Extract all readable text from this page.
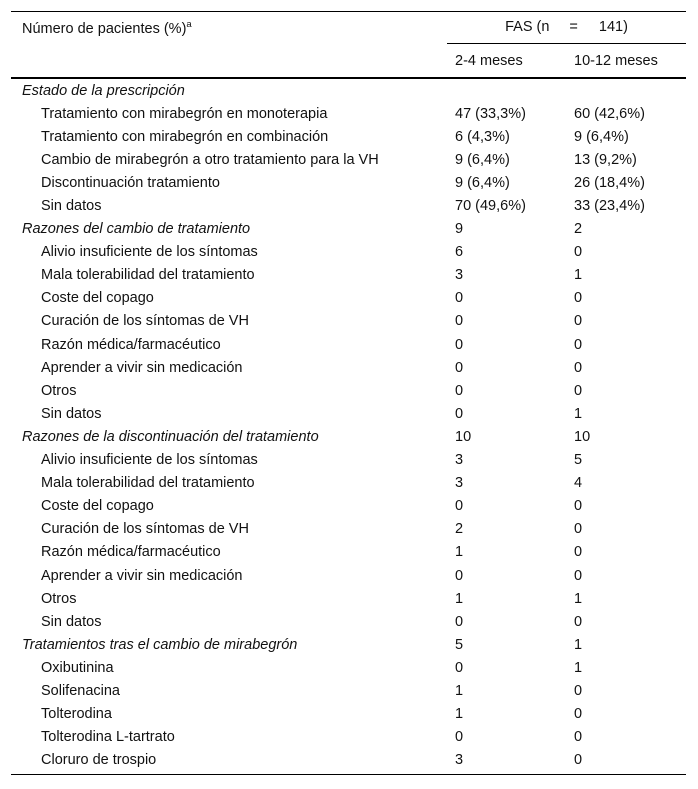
Número de pacientes (%)$^a$	FAS (n = 141)	
	2-4 meses	10-12 meses
Estado de la prescripción		
Tratamiento con mirabegrón en monoterapia	47 (33,3%)	60 (42,6%)
Tratamiento con mirabegrón en combinación	6 (4,3%)	9 (6,4%)
Cambio de mirabegrón a otro tratamiento para la VH	9 (6,4%)	13 (9,2%)
Discontinuación tratamiento	9 (6,4%)	26 (18,4%)
Sin datos	70 (49,6%)	33 (23,4%)
Razones del cambio de tratamiento	9	2
Alivio insuficiente de los síntomas	6	0
Mala tolerabilidad del tratamiento	3	1
Coste del copago	0	0
Curación de los síntomas de VH	0	0
Razón médica/farmacéutico	0	0
Aprender a vivir sin medicación	0	0
Otros	0	0
Sin datos	0	1
Razones de la discontinuación del tratamiento	10	10
Alivio insuficiente de los síntomas	3	5
Mala tolerabilidad del tratamiento	3	4
Coste del copago	0	0
Curación de los síntomas de VH	2	0
Razón médica/farmacéutico	1	0
Aprender a vivir sin medicación	0	0
Otros	1	1
Sin datos	0	0
Tratamientos tras el cambio de mirabegrón	5	1
Oxibutinina	0	1
Solifenacina	1	0
Tolterodina	1	0
Tolterodina L-tartrato	0	0
Cloruro de trospio	3	0
